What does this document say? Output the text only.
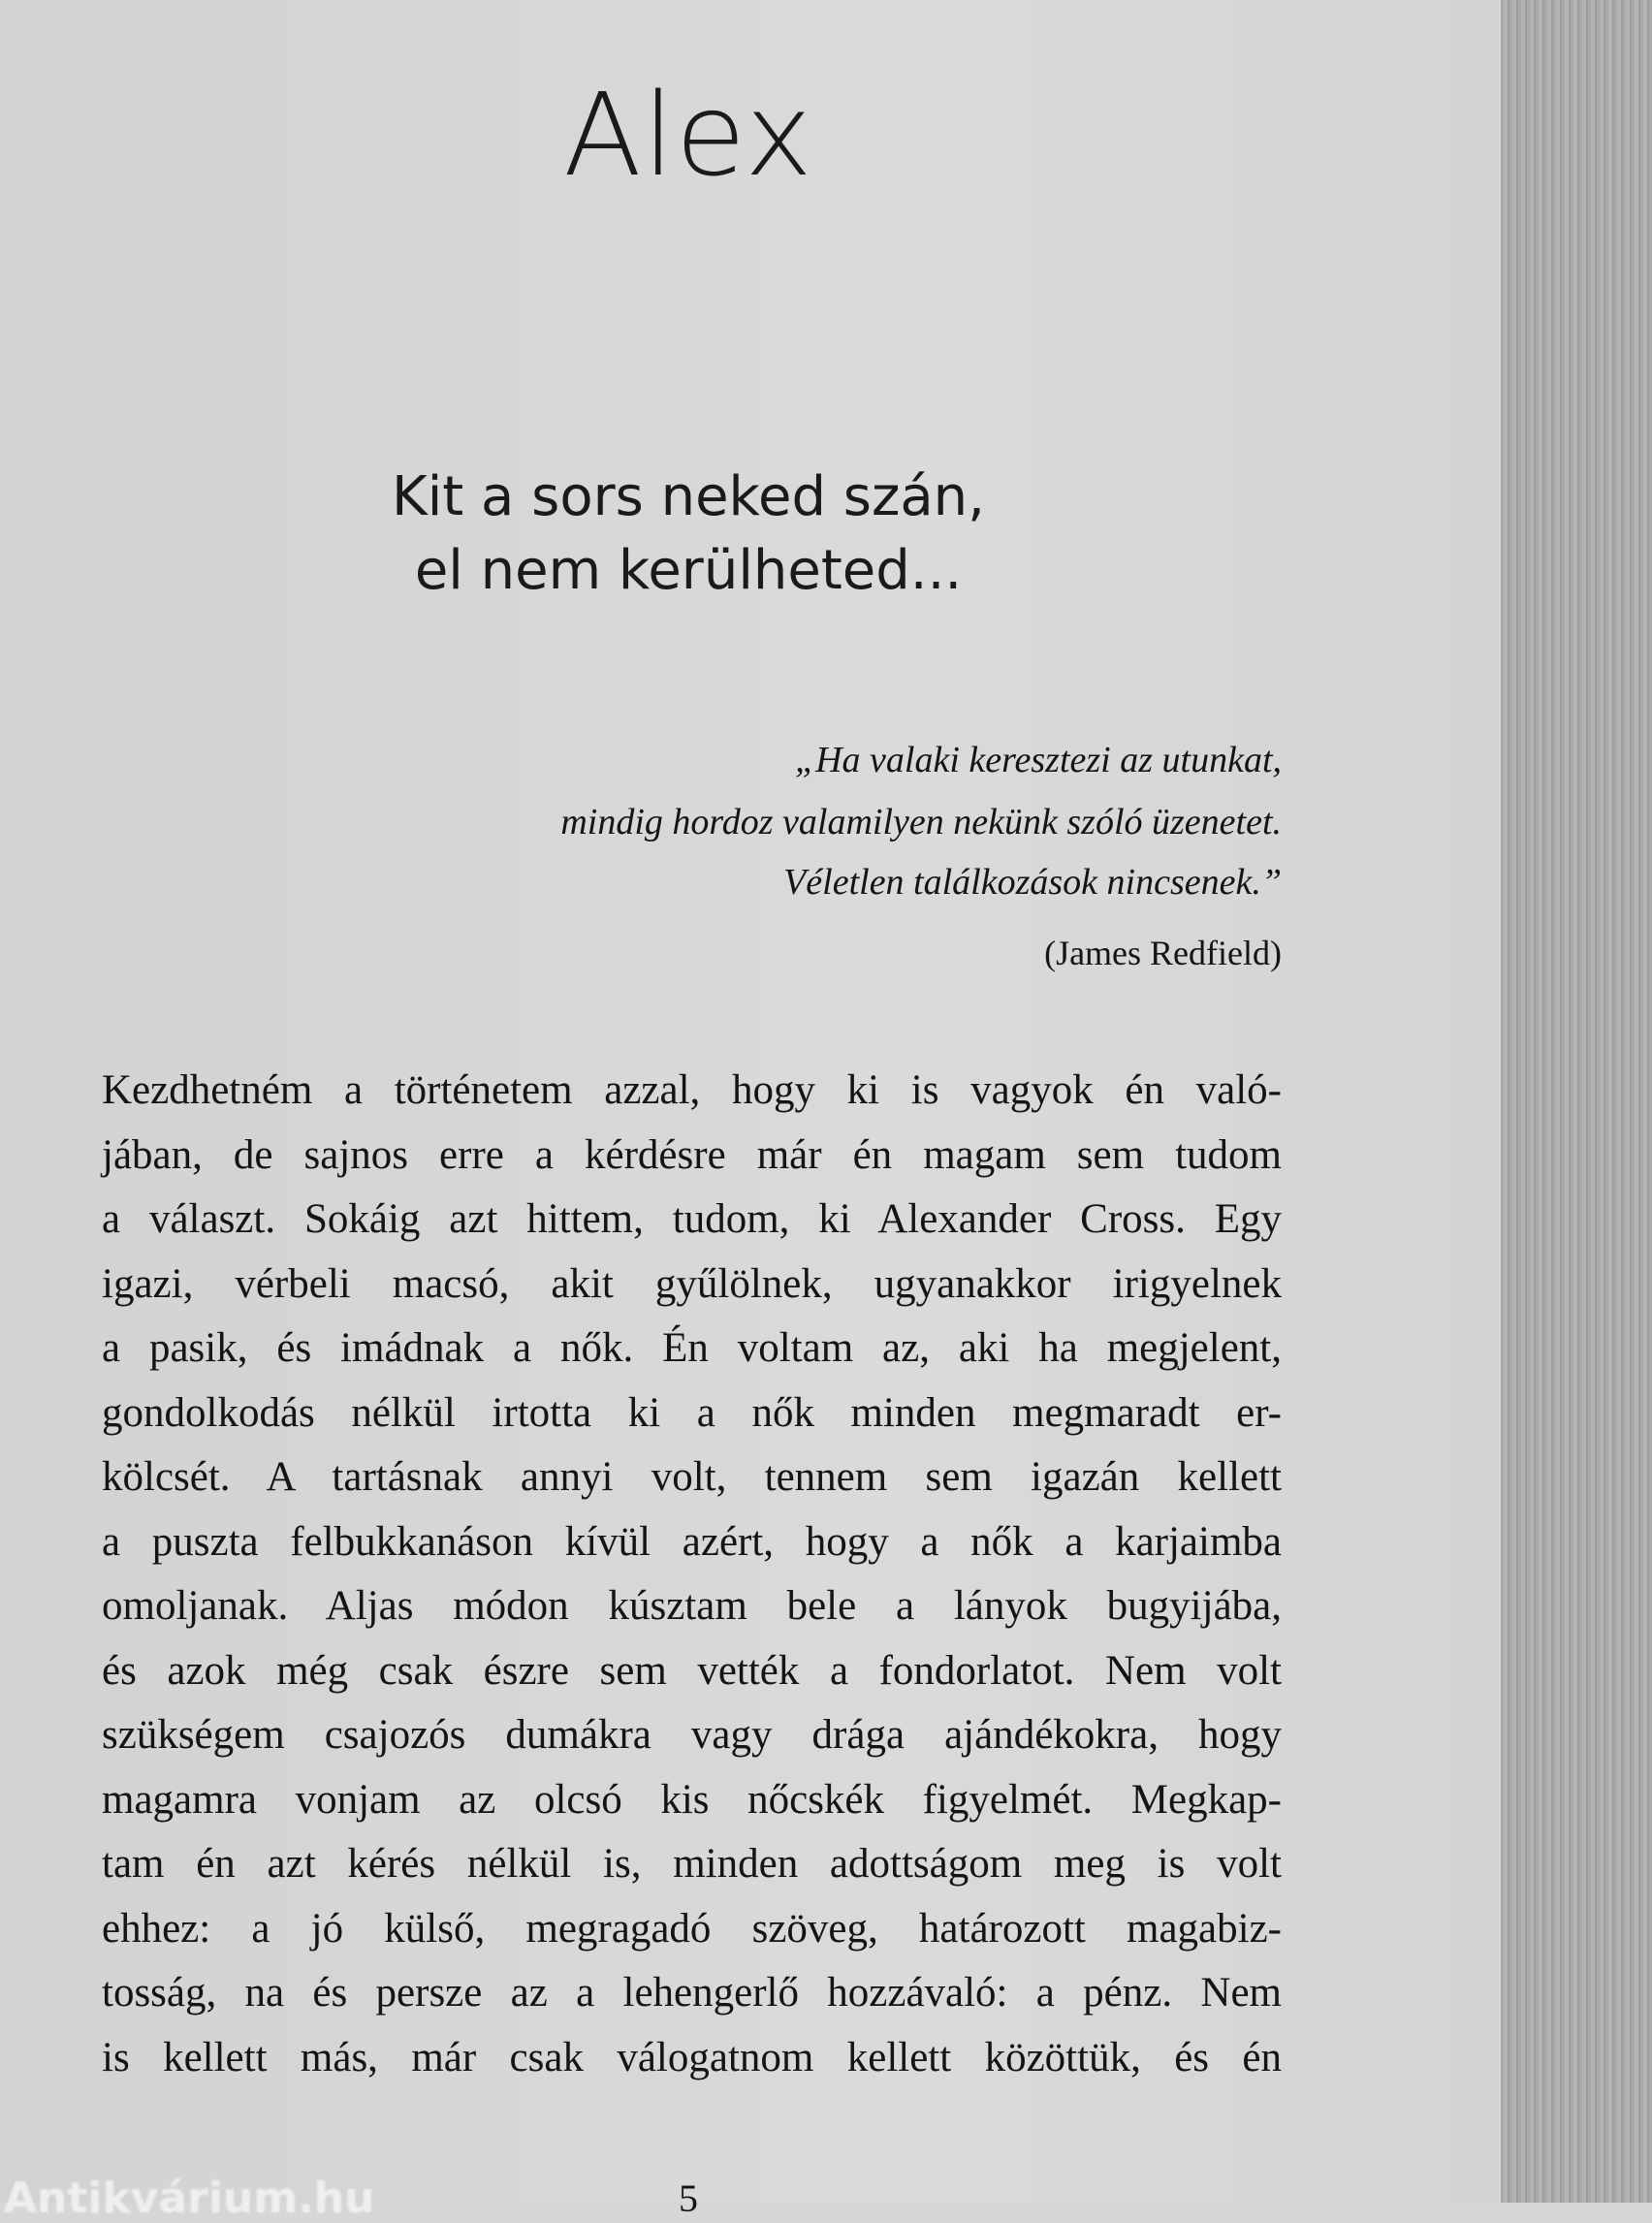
Alex
Kit a sors neked szán,
el nem kerülheted...
„Ha valaki keresztezi az utunkat,
mindig hordoz valamilyen nekünk szóló üzenetet.
Véletlen találkozások nincsenek.”
(James Redfield)
Kezdhetném a történetem azzal, hogy ki is vagyok én való-
jában, de sajnos erre a kérdésre már én magam sem tudom
a választ. Sokáig azt hittem, tudom, ki Alexander Cross. Egy
igazi, vérbeli macsó, akit gyűlölnek, ugyanakkor irigyelnek
a pasik, és imádnak a nők. Én voltam az, aki ha megjelent,
gondolkodás nélkül irtotta ki a nők minden megmaradt er-
kölcsét. A tartásnak annyi volt, tennem sem igazán kellett
a puszta felbukkanáson kívül azért, hogy a nők a karjaimba
omoljanak. Aljas módon kúsztam bele a lányok bugyijába,
és azok még csak észre sem vették a fondorlatot. Nem volt
szükségem csajozós dumákra vagy drága ajándékokra, hogy
magamra vonjam az olcsó kis nőcskék figyelmét. Megkap-
tam én azt kérés nélkül is, minden adottságom meg is volt
ehhez: a jó külső, megragadó szöveg, határozott magabiz-
tosság, na és persze az a lehengerlő hozzávaló: a pénz. Nem
is kellett más, már csak válogatnom kellett közöttük, és én
5
Antikvárium.hu
